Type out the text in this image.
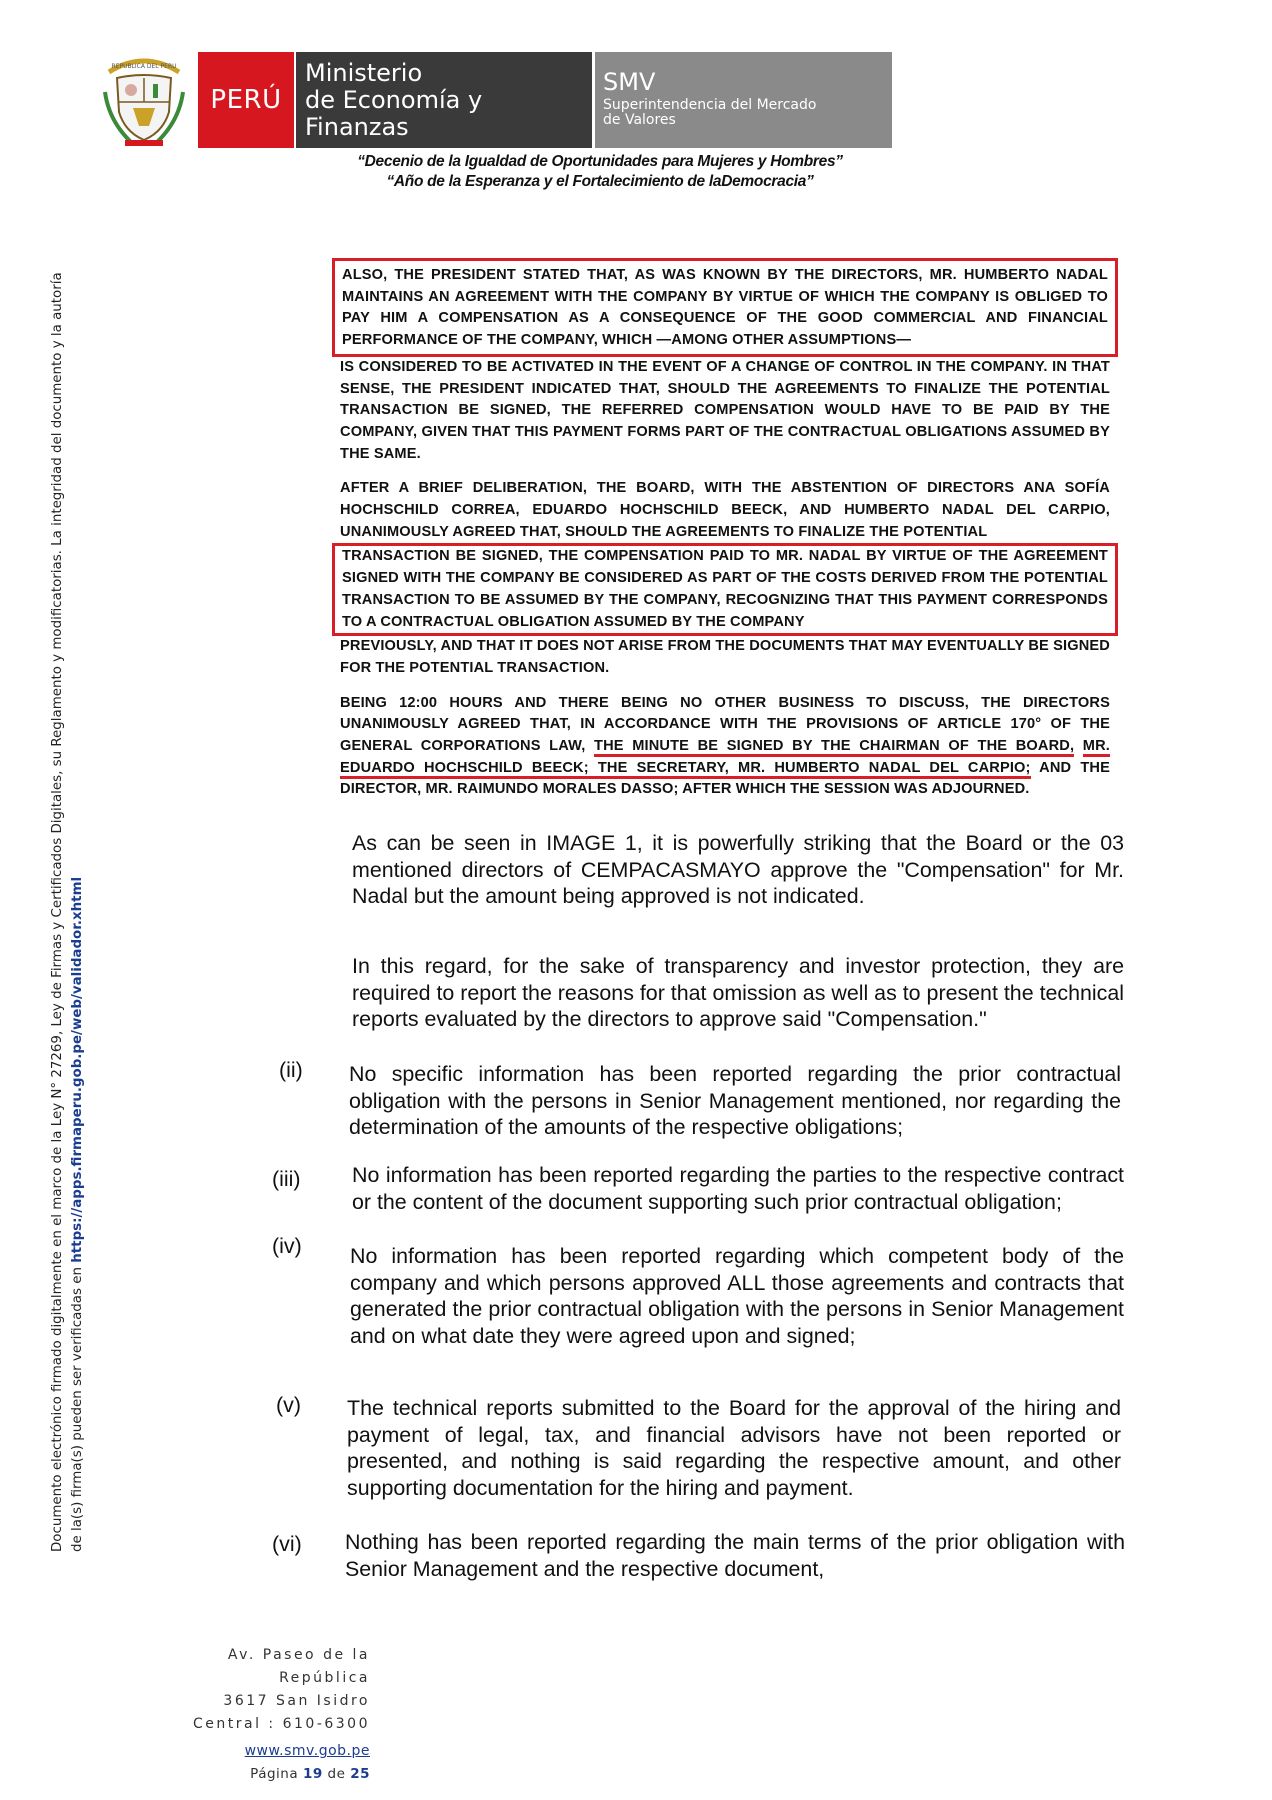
REPUBLICA DEL PERU
PERÚ
Ministerio
de Economía y Finanzas
SMV
Superintendencia del Mercado
de Valores
“Decenio de la Igualdad de Oportunidades para Mujeres y Hombres”
“Año de la Esperanza y el Fortalecimiento de laDemocracia”
Documento electrónico firmado digitalmente en el marco de la Ley N° 27269, Ley de Firmas y Certificados Digitales, su Reglamento y modificatorias. La integridad del documento y la autoría de la(s) firma(s) pueden ser verificadas en https://apps.firmaperu.gob.pe/web/validador.xhtml

ALSO, THE PRESIDENT STATED THAT, AS WAS KNOWN BY THE DIRECTORS, MR. HUMBERTO NADAL MAINTAINS AN AGREEMENT WITH THE COMPANY BY VIRTUE OF WHICH THE COMPANY IS OBLIGED TO PAY HIM A COMPENSATION AS A CONSEQUENCE OF THE GOOD COMMERCIAL AND FINANCIAL PERFORMANCE OF THE COMPANY, WHICH —AMONG OTHER ASSUMPTIONS—
IS CONSIDERED TO BE ACTIVATED IN THE EVENT OF A CHANGE OF CONTROL IN THE COMPANY. IN THAT SENSE, THE PRESIDENT INDICATED THAT, SHOULD THE AGREEMENTS TO FINALIZE THE POTENTIAL TRANSACTION BE SIGNED, THE REFERRED COMPENSATION WOULD HAVE TO BE PAID BY THE COMPANY, GIVEN THAT THIS PAYMENT FORMS PART OF THE CONTRACTUAL OBLIGATIONS ASSUMED BY THE SAME.

AFTER A BRIEF DELIBERATION, THE BOARD, WITH THE ABSTENTION OF DIRECTORS ANA SOFÍA HOCHSCHILD CORREA, EDUARDO HOCHSCHILD BEECK, AND HUMBERTO NADAL DEL CARPIO, UNANIMOUSLY AGREED THAT, SHOULD THE AGREEMENTS TO FINALIZE THE POTENTIAL
TRANSACTION BE SIGNED, THE COMPENSATION PAID TO MR. NADAL BY VIRTUE OF THE AGREEMENT SIGNED WITH THE COMPANY BE CONSIDERED AS PART OF THE COSTS DERIVED FROM THE POTENTIAL TRANSACTION TO BE ASSUMED BY THE COMPANY, RECOGNIZING THAT THIS PAYMENT CORRESPONDS TO A CONTRACTUAL OBLIGATION ASSUMED BY THE COMPANY
PREVIOUSLY, AND THAT IT DOES NOT ARISE FROM THE DOCUMENTS THAT MAY EVENTUALLY BE SIGNED FOR THE POTENTIAL TRANSACTION.

BEING 12:00 HOURS AND THERE BEING NO OTHER BUSINESS TO DISCUSS, THE DIRECTORS UNANIMOUSLY AGREED THAT, IN ACCORDANCE WITH THE PROVISIONS OF ARTICLE 170° OF THE GENERAL CORPORATIONS LAW, THE MINUTE BE SIGNED BY THE CHAIRMAN OF THE BOARD, MR. EDUARDO HOCHSCHILD BEECK; THE SECRETARY, MR. HUMBERTO NADAL DEL CARPIO; AND THE DIRECTOR, MR. RAIMUNDO MORALES DASSO; AFTER WHICH THE SESSION WAS ADJOURNED.

As can be seen in IMAGE 1, it is powerfully striking that the Board or the 03 mentioned directors of CEMPACASMAYO approve the "Compensation" for Mr. Nadal but the amount being approved is not indicated.
In this regard, for the sake of transparency and investor protection, they are required to report the reasons for that omission as well as to present the technical reports evaluated by the directors to approve said "Compensation."
(ii) No specific information has been reported regarding the prior contractual obligation with the persons in Senior Management mentioned, nor regarding the determination of the amounts of the respective obligations;
(iii) No information has been reported regarding the parties to the respective contract or the content of the document supporting such prior contractual obligation;
(iv) No information has been reported regarding which competent body of the company and which persons approved ALL those agreements and contracts that generated the prior contractual obligation with the persons in Senior Management and on what date they were agreed upon and signed;
(v) The technical reports submitted to the Board for the approval of the hiring and payment of legal, tax, and financial advisors have not been reported or presented, and nothing is said regarding the respective amount, and other supporting documentation for the hiring and payment.
(vi) Nothing has been reported regarding the main terms of the prior obligation with Senior Management and the respective document,
Av. Paseo de la República
3617 San Isidro
Central : 610-6300
www.smv.gob.pe
Página 19 de 25
